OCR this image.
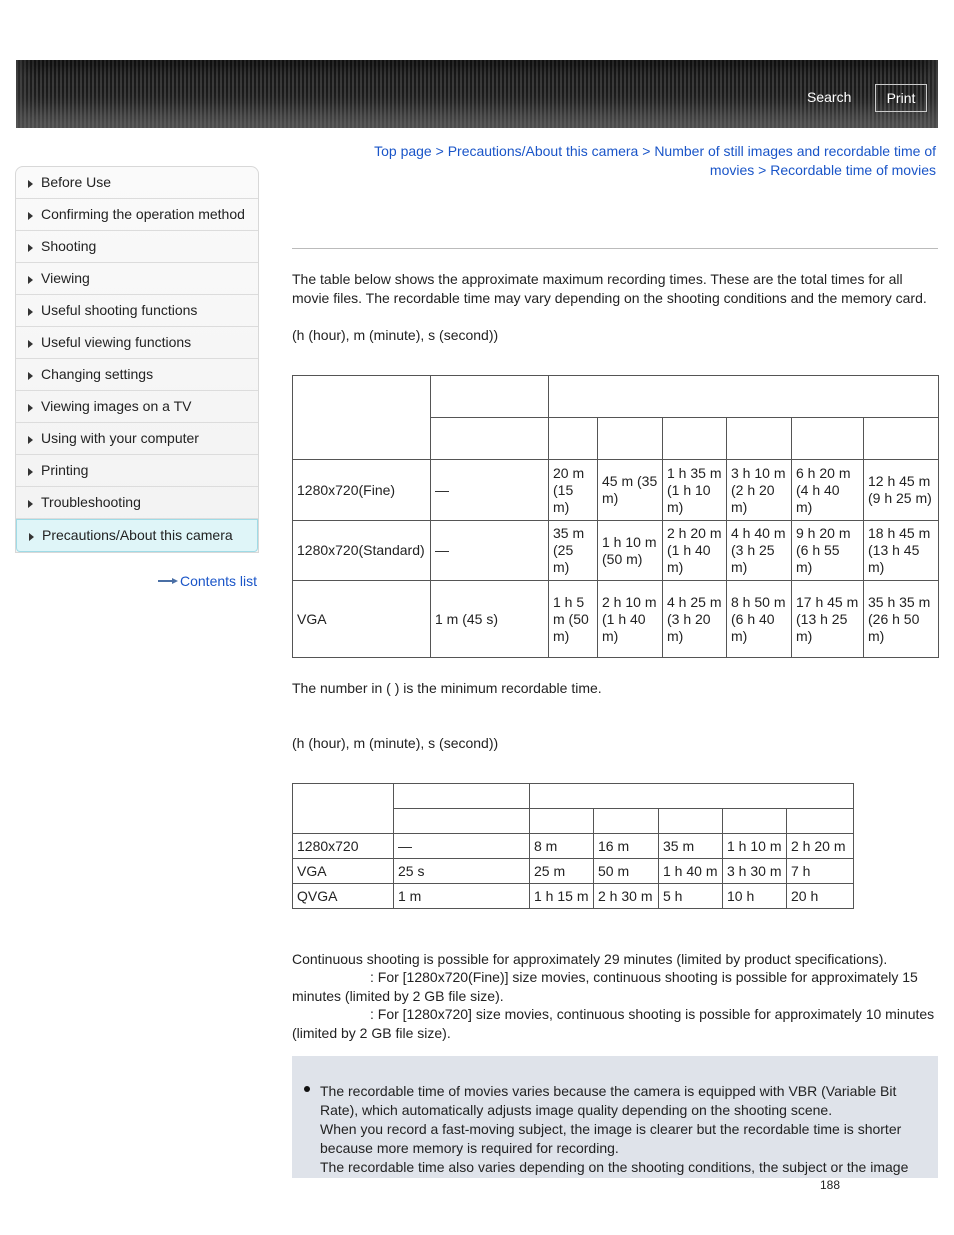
Search	Print
Top page > Precautions/About this camera > Number of still images and recordable time of movies > Recordable time of movies
Before Use
Confirming the operation method
Shooting
Viewing
Useful shooting functions
Useful viewing functions
Changing settings
Viewing images on a TV
Using with your computer
Printing
Troubleshooting
Precautions/About this camera
Contents list
The table below shows the approximate maximum recording times. These are the total times for all movie files. The recordable time may vary depending on the shooting conditions and the memory card.
(h (hour), m (minute), s (second))

1280x720(Fine)	—	20 m (15 m)	45 m (35 m)	1 h 35 m (1 h 10 m)	3 h 10 m (2 h 20 m)	6 h 20 m (4 h 40 m)	12 h 45 m (9 h 25 m)
1280x720(Standard)	—	35 m (25 m)	1 h 10 m (50 m)	2 h 20 m (1 h 40 m)	4 h 40 m (3 h 25 m)	9 h 20 m (6 h 55 m)	18 h 45 m (13 h 45 m)
VGA	1 m (45 s)	1 h 5 m (50 m)	2 h 10 m (1 h 40 m)	4 h 25 m (3 h 20 m)	8 h 50 m (6 h 40 m)	17 h 45 m (13 h 25 m)	35 h 35 m (26 h 50 m)
The number in ( ) is the minimum recordable time.
(h (hour), m (minute), s (second))

1280x720	—	8 m	16 m	35 m	1 h 10 m	2 h 20 m
VGA	25 s	25 m	50 m	1 h 40 m	3 h 30 m	7 h
QVGA	1 m	1 h 15 m	2 h 30 m	5 h	10 h	20 h
Continuous shooting is possible for approximately 29 minutes (limited by product specifications).
: For [1280x720(Fine)] size movies, continuous shooting is possible for approximately 15 minutes (limited by 2 GB file size).
: For [1280x720] size movies, continuous shooting is possible for approximately 10 minutes (limited by 2 GB file size).
The recordable time of movies varies because the camera is equipped with VBR (Variable Bit Rate), which automatically adjusts image quality depending on the shooting scene.
When you record a fast-moving subject, the image is clearer but the recordable time is shorter because more memory is required for recording.
The recordable time also varies depending on the shooting conditions, the subject or the image
188
